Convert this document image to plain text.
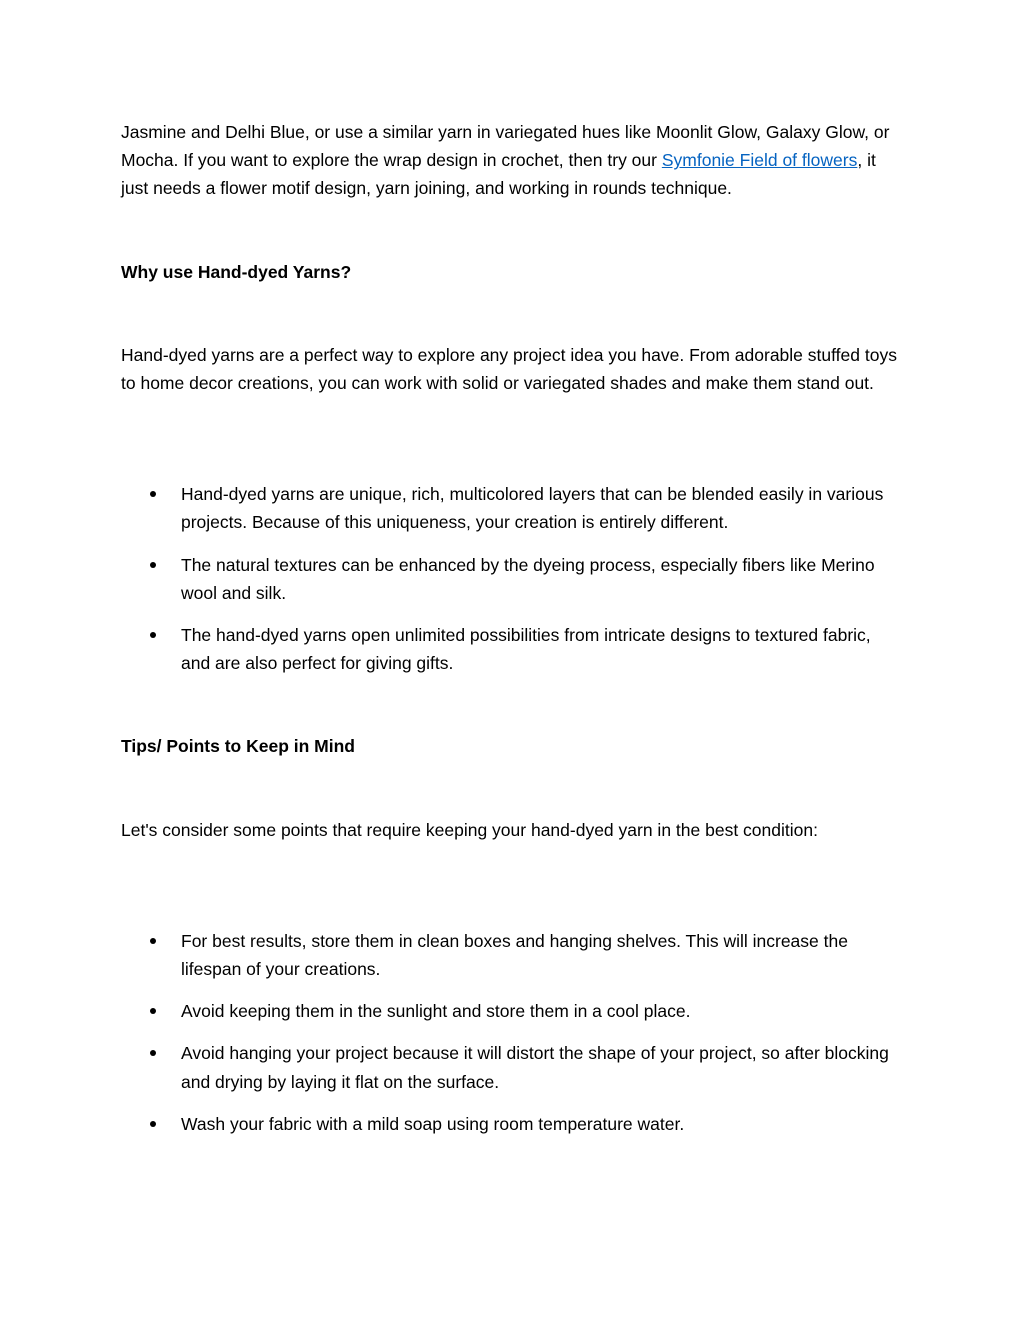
Jasmine and Delhi Blue, or use a similar yarn in variegated hues like Moonlit Glow, Galaxy Glow, or Mocha. If you want to explore the wrap design in crochet, then try our Symfonie Field of flowers, it just needs a flower motif design, yarn joining, and working in rounds technique.

Why use Hand-dyed Yarns?

Hand-dyed yarns are a perfect way to explore any project idea you have. From adorable stuffed toys to home decor creations, you can work with solid or variegated shades and make them stand out.

Hand-dyed yarns are unique, rich, multicolored layers that can be blended easily in various projects. Because of this uniqueness, your creation is entirely different.
The natural textures can be enhanced by the dyeing process, especially fibers like Merino wool and silk.
The hand-dyed yarns open unlimited possibilities from intricate designs to textured fabric, and are also perfect for giving gifts.

Tips/ Points to Keep in Mind

Let's consider some points that require keeping your hand-dyed yarn in the best condition:

For best results, store them in clean boxes and hanging shelves. This will increase the lifespan of your creations.
Avoid keeping them in the sunlight and store them in a cool place.
Avoid hanging your project because it will distort the shape of your project, so after blocking and drying by laying it flat on the surface.
Wash your fabric with a mild soap using room temperature water.
